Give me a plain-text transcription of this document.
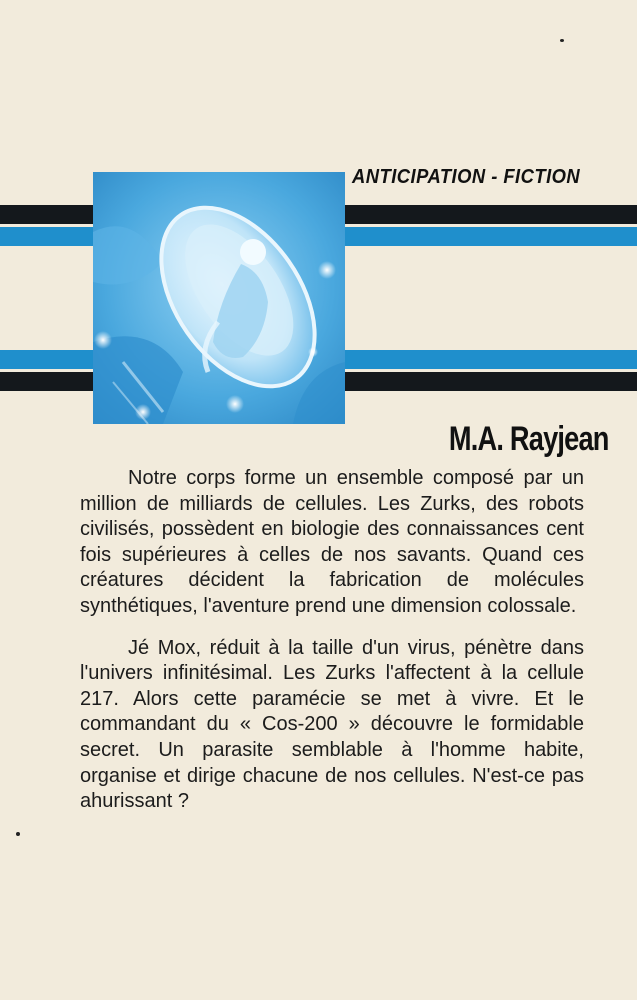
ANTICIPATION - FICTION
M.A. Rayjean

Notre corps forme un ensemble composé par un million de milliards de cellules. Les Zurks, des robots civilisés, possèdent en biologie des connaissances cent fois supérieures à celles de nos savants. Quand ces créatures décident la fabrication de molécules synthétiques, l'aventure prend une dimension colossale.

Jé Mox, réduit à la taille d'un virus, pénètre dans l'univers infinitésimal. Les Zurks l'affectent à la cellule 217. Alors cette paramécie se met à vivre. Et le commandant du « Cos-200 » découvre le formidable secret. Un parasite semblable à l'homme habite, organise et dirige chacune de nos cellules. N'est-ce pas ahurissant ?
